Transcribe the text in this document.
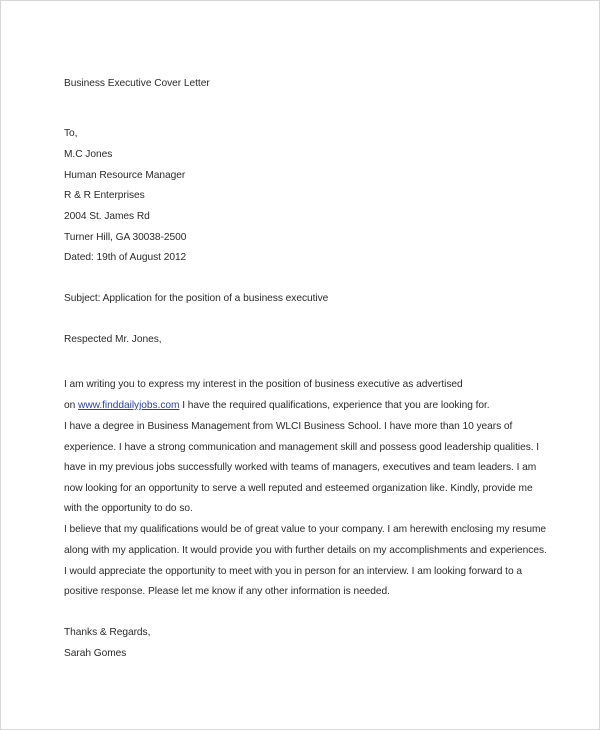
Business Executive Cover Letter
To,
M.C Jones
Human Resource Manager
R & R Enterprises
2004 St. James Rd
Turner Hill, GA 30038-2500
Dated: 19th of August 2012
Subject: Application for the position of a business executive
Respected Mr. Jones,
I am writing you to express my interest in the position of business executive as advertised
on www.finddailyjobs.com I have the required qualifications, experience that you are looking for.
I have a degree in Business Management from WLCI Business School. I have more than 10 years of
experience. I have a strong communication and management skill and possess good leadership qualities. I
have in my previous jobs successfully worked with teams of managers, executives and team leaders. I am
now looking for an opportunity to serve a well reputed and esteemed organization like. Kindly, provide me
with the opportunity to do so.
I believe that my qualifications would be of great value to your company. I am herewith enclosing my resume
along with my application. It would provide you with further details on my accomplishments and experiences.
I would appreciate the opportunity to meet with you in person for an interview. I am looking forward to a
positive response. Please let me know if any other information is needed.
Thanks & Regards,
Sarah Gomes
